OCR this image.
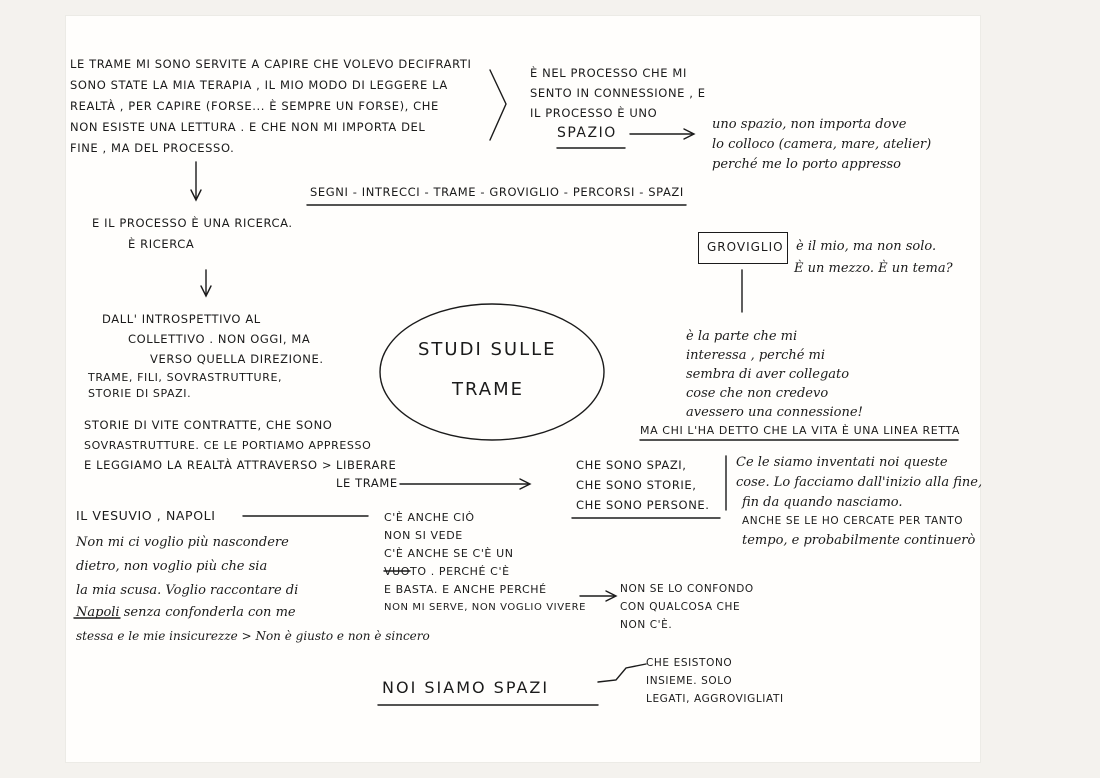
LE TRAME MI SONO SERVITE A CAPIRE CHE VOLEVO DECIFRARTI
SONO STATE LA MIA TERAPIA , IL MIO MODO DI LEGGERE LA
REALTÀ , PER CAPIRE (FORSE... È SEMPRE UN FORSE), CHE
NON ESISTE UNA LETTURA . E CHE NON MI IMPORTA DEL
FINE , MA DEL PROCESSO.
È NEL PROCESSO CHE MI
SENTO IN CONNESSIONE , E
IL PROCESSO È UNO
SPAZIO
uno spazio, non importa dove
lo colloco (camera, mare, atelier)
perché me lo porto appresso
SEGNI - INTRECCI - TRAME - GROVIGLIO - PERCORSI - SPAZI
E IL PROCESSO È UNA RICERCA.
È RICERCA	GROVIGLIO è il mio, ma non solo.
È un mezzo. È un tema?
DALL' INTROSPETTIVO AL
COLLETTIVO . NON OGGI, MA
VERSO QUELLA DIREZIONE.
TRAME, FILI, SOVRASTRUTTURE, STORIE DI SPAZI.
STUDI SULLE
TRAME
è la parte che mi
interessa , perché mi
sembra di aver collegato
cose che non credevo
avessero una connessione!
MA CHI L'HA DETTO CHE LA VITA È UNA LINEA RETTA
STORIE DI VITE CONTRATTE, CHE SONO
SOVRASTRUTTURE. CE LE PORTIAMO APPRESSO
E LEGGIAMO LA REALTÀ ATTRAVERSO > LIBERARE
LE TRAME
CHE SONO SPAZI,
CHE SONO STORIE,
CHE SONO PERSONE.
Ce le siamo inventati noi queste
cose. Lo facciamo dall'inizio alla fine,
fin da quando nasciamo.
ANCHE SE LE HO CERCATE PER TANTO
tempo, e probabilmente continuerò
IL VESUVIO , NAPOLI
Non mi ci voglio più nascondere
dietro, non voglio più che sia
la mia scusa. Voglio raccontare di
Napoli senza confonderla con me
stessa e le mie insicurezze > Non è giusto e non è sincero
C'È ANCHE CIÒ
NON SI VEDE
C'È ANCHE SE C'È UN
VUOTO . PERCHÉ C'È
E BASTA. E ANCHE PERCHÉ
NON MI SERVE, NON VOGLIO VIVERE
NON SE LO CONFONDO
CON QUALCOSA CHE
NON C'È.
NOI SIAMO SPAZI
CHE ESISTONO
INSIEME. SOLO
LEGATI, AGGROVIGLIATI
